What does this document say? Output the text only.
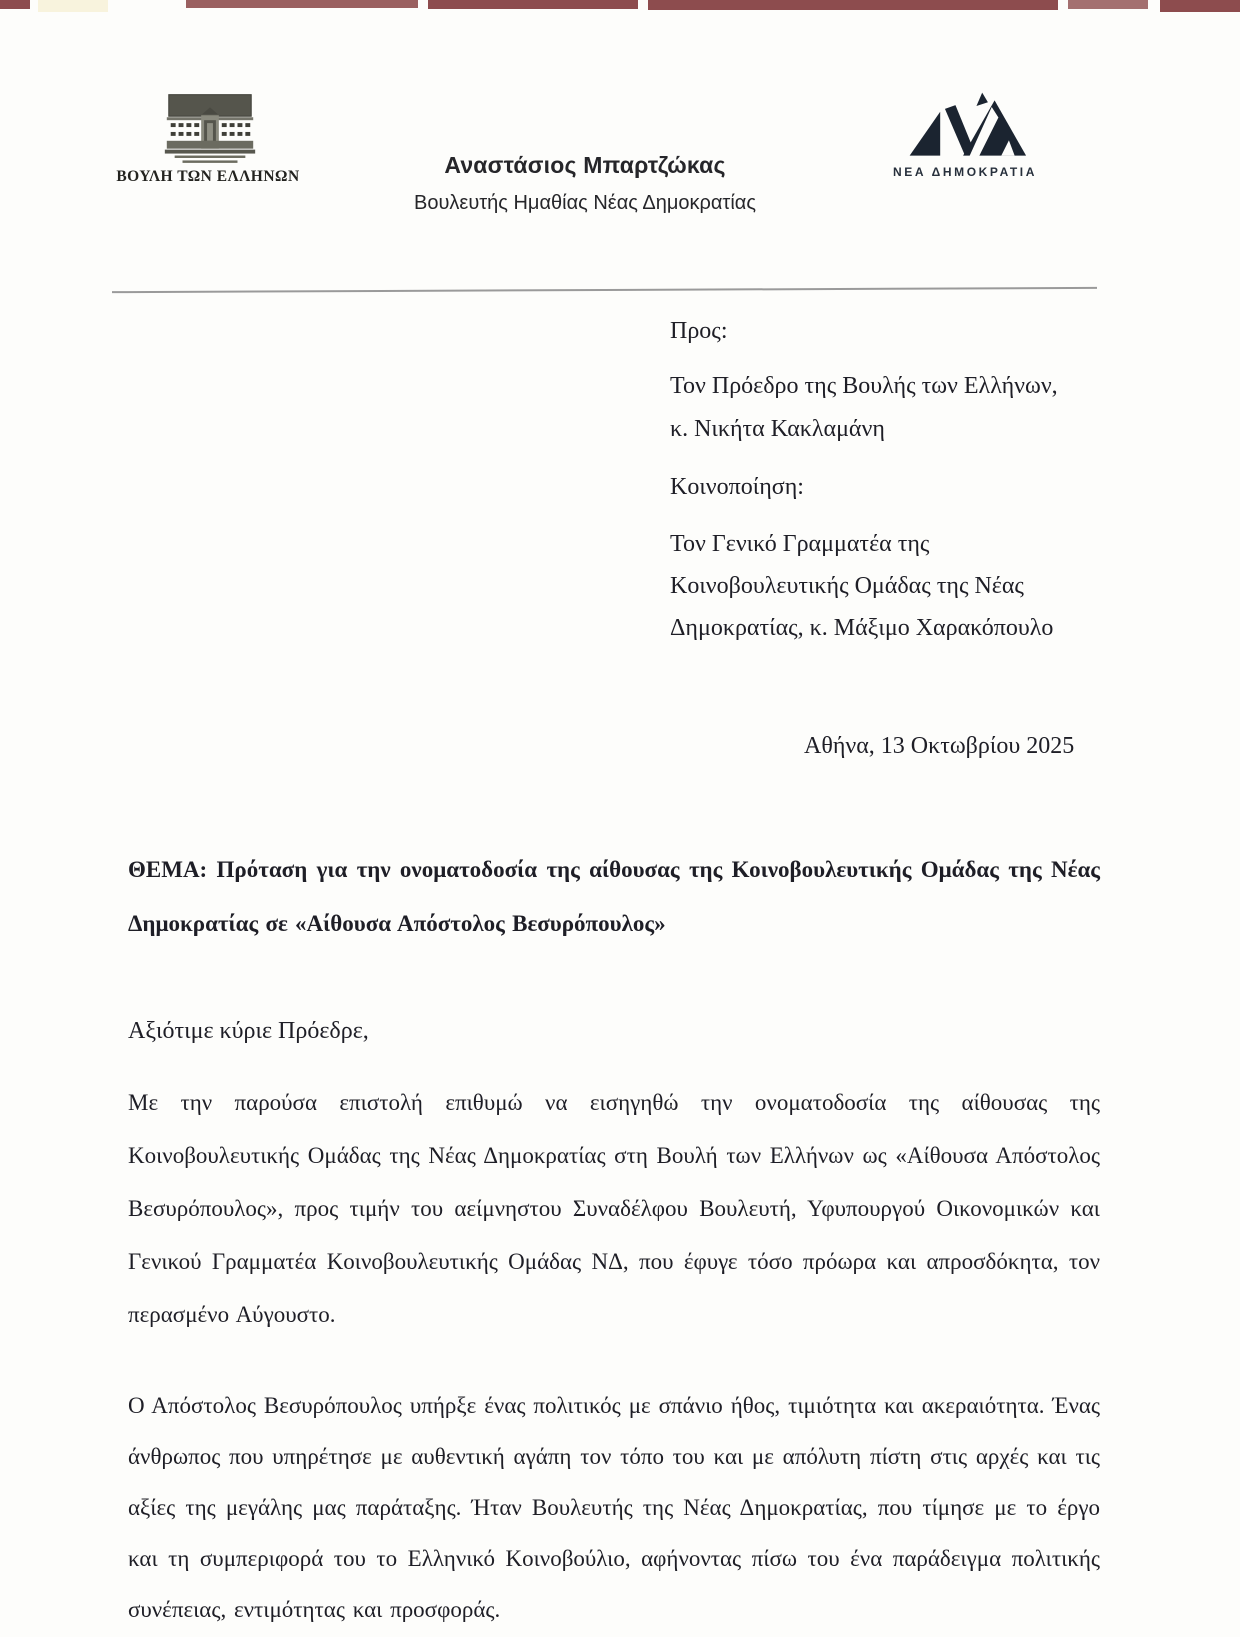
ΒΟΥΛΗ ΤΩΝ ΕΛΛΗΝΩΝ	Αναστάσιος Μπαρτζώκας
Βουλευτής Ημαθίας Νέας Δημοκρατίας
ΝΕΑ ΔΗΜΟΚΡΑΤΙΑ
Προς:
Τον Πρόεδρο της Βουλής των Ελλήνων,
κ. Νικήτα Κακλαμάνη
Κοινοποίηση:
Τον Γενικό Γραμματέα της
Κοινοβουλευτικής Ομάδας της Νέας
Δημοκρατίας, κ. Μάξιμο Χαρακόπουλο
Αθήνα, 13 Οκτωβρίου 2025
ΘΕΜΑ: Πρόταση για την ονοματοδοσία της αίθουσας της Κοινοβουλευτικής Ομάδας της Νέας Δημοκρατίας σε «Αίθουσα Απόστολος Βεσυρόπουλος»
Αξιότιμε κύριε Πρόεδρε,
Με την παρούσα επιστολή επιθυμώ να εισηγηθώ την ονοματοδοσία της αίθουσας της Κοινοβουλευτικής Ομάδας της Νέας Δημοκρατίας στη Βουλή των Ελλήνων ως «Αίθουσα Απόστολος Βεσυρόπουλος», προς τιμήν του αείμνηστου Συναδέλφου Βουλευτή, Υφυπουργού Οικονομικών και Γενικού Γραμματέα Κοινοβουλευτικής Ομάδας ΝΔ, που έφυγε τόσο πρόωρα και απροσδόκητα, τον περασμένο Αύγουστο.
Ο Απόστολος Βεσυρόπουλος υπήρξε ένας πολιτικός με σπάνιο ήθος, τιμιότητα και ακεραιότητα. Ένας άνθρωπος που υπηρέτησε με αυθεντική αγάπη τον τόπο του και με απόλυτη πίστη στις αρχές και τις αξίες της μεγάλης μας παράταξης. Ήταν Βουλευτής της Νέας Δημοκρατίας, που τίμησε με το έργο και τη συμπεριφορά του το Ελληνικό Κοινοβούλιο, αφήνοντας πίσω του ένα παράδειγμα πολιτικής συνέπειας, εντιμότητας και προσφοράς.
